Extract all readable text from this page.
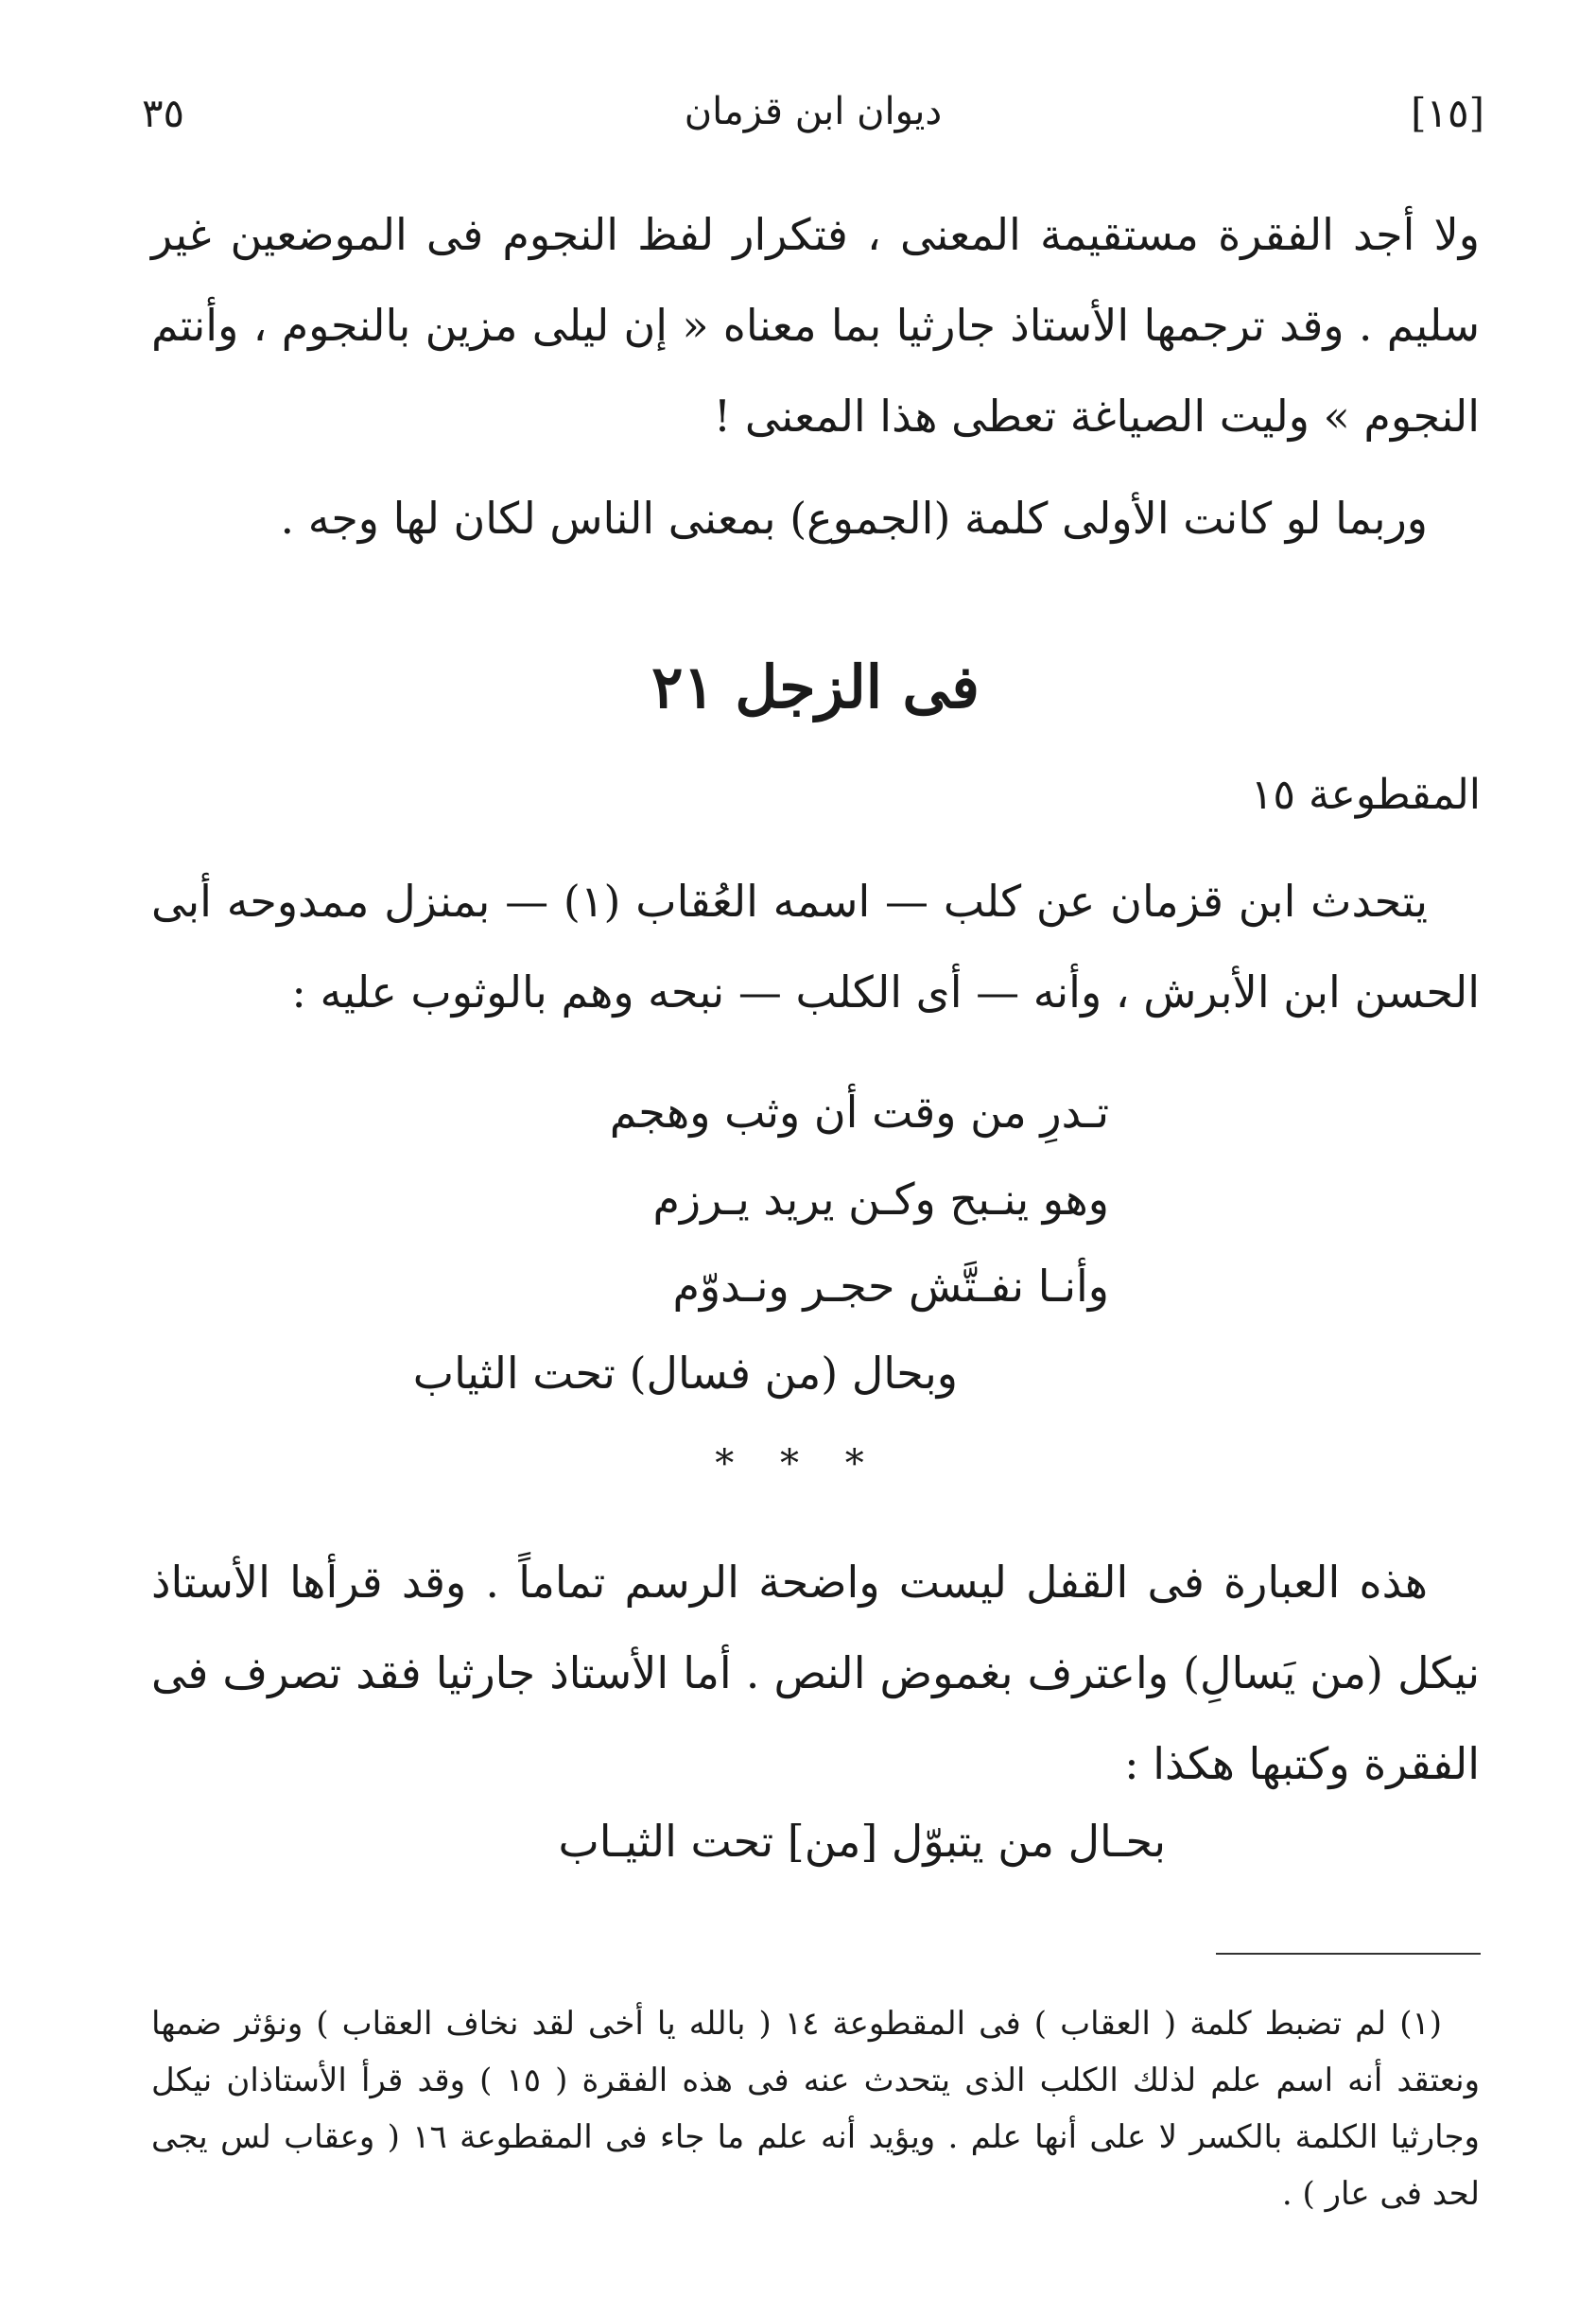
[١٥]
ديوان ابن قزمان
٣٥
ولا أجد الفقرة مستقيمة المعنى ، فتكرار لفظ النجوم فى الموضعين غير سليم . وقد ترجمها الأستاذ جارثيا بما معناه « إن ليلى مزين بالنجوم ، وأنتم النجوم » وليت الصياغة تعطى هذا المعنى !
وربما لو كانت الأولى كلمة (الجموع) بمعنى الناس لكان لها وجه .
فى الزجل ٢١
المقطوعة ١٥
يتحدث ابن قزمان عن كلب — اسمه العُقاب (١) — بمنزل ممدوحه أبى الحسن ابن الأبرش ، وأنه — أى الكلب — نبحه وهم بالوثوب عليه :
تـدرِ من وقت أن وثب وهجم
وهو ينـبح وكـن يريد يـرزم
وأنـا نفـتَّش حجـر ونـدوّم
وبحال (من فسال) تحت الثياب
* * *
هذه العبارة فى القفل ليست واضحة الرسم تماماً . وقد قرأها الأستاذ نيكل (من يَسالِ) واعترف بغموض النص . أما الأستاذ جارثيا فقد تصرف فى الفقرة وكتبها هكذا :
بحـال من يتبوّل [من] تحت الثيـاب
(١) لم تضبط كلمة ( العقاب ) فى المقطوعة ١٤ ( بالله يا أخى لقد نخاف العقاب ) ونؤثر ضمها ونعتقد أنه اسم علم لذلك الكلب الذى يتحدث عنه فى هذه الفقرة ( ١٥ ) وقد قرأ الأستاذان نيكل وجارثيا الكلمة بالكسر لا على أنها علم . ويؤيد أنه علم ما جاء فى المقطوعة ١٦ ( وعقاب لس يجى لحد فى عار ) .
